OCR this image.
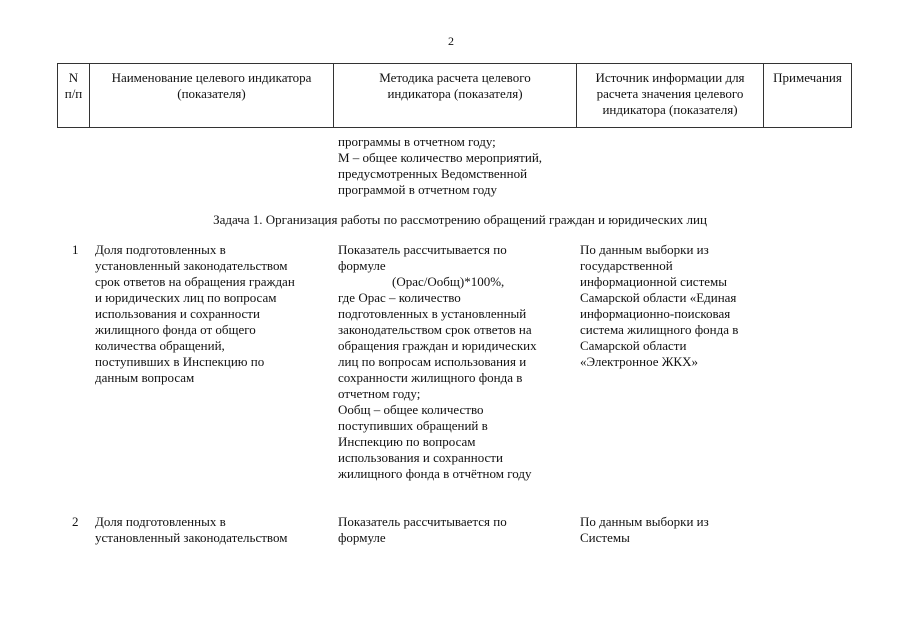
2
N
п/п
Наименование целевого индикатора
(показателя)
Методика расчета целевого
индикатора (показателя)
Источник информации для
расчета значения целевого
индикатора (показателя)
Примечания
программы в отчетном году;
М – общее количество мероприятий,
предусмотренных Ведомственной
программой в отчетном году
Задача 1. Организация работы по рассмотрению обращений граждан и юридических лиц
1 Доля подготовленных в
установленный законодательством
срок ответов на обращения граждан
и юридических лиц по вопросам
использования и сохранности
жилищного фонда от общего
количества обращений,
поступивших в Инспекцию по
данным вопросам
Показатель рассчитывается по
формуле
(Орас/Ообщ)*100%,
где Орас – количество
подготовленных в установленный
законодательством срок ответов на
обращения граждан и юридических
лиц по вопросам использования и
сохранности жилищного фонда в
отчетном году;
Ообщ – общее количество
поступивших обращений в
Инспекцию по вопросам
использования и сохранности
жилищного фонда в отчётном году
По данным выборки из
государственной
информационной системы
Самарской области «Единая
информационно-поисковая
система жилищного фонда в
Самарской области
«Электронное ЖКХ»
2 Доля подготовленных в
установленный законодательством
Показатель рассчитывается по
формуле
По данным выборки из
Системы
